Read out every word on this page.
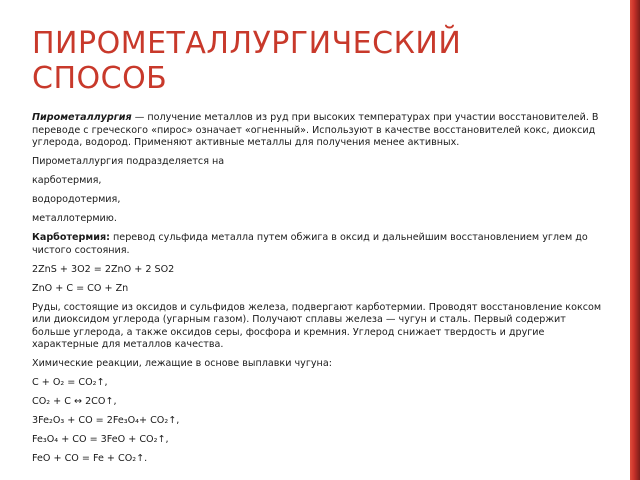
ПИРОМЕТАЛЛУРГИЧЕСКИЙ
СПОСОБ

Пирометаллургия — получение металлов из руд при высоких температурах при участии восстановителей. В переводе с греческого «пирос» означает «огненный». Используют в качестве восстановителей кокс, диоксид углерода, водород. Применяют активные металлы для получения менее активных.

Пирометаллургия подразделяется на

карботермия,

водородотермия,

металлотермию.

Карботермия: перевод сульфида металла путем обжига в оксид и дальнейшим восстановлением углем до чистого состояния.

2ZnS + 3O2 = 2ZnO + 2 SO2

ZnO + C = CO + Zn

Руды, состоящие из оксидов и сульфидов железа, подвергают карботермии. Проводят восстановление коксом или диоксидом углерода (угарным газом). Получают сплавы железа — чугун и сталь. Первый содержит больше углерода, а также оксидов серы, фосфора и кремния. Углерод снижает твердость и другие характерные для металлов качества.

Химические реакции, лежащие в основе выплавки чугуна:

C + O₂ = CO₂↑,

CO₂ + C ↔ 2CO↑,

3Fe₂O₃ + CO = 2Fe₃O₄+ CO₂↑,

Fe₃O₄ + CO = 3FeO + CO₂↑,

FeO + CO = Fe + CO₂↑.
